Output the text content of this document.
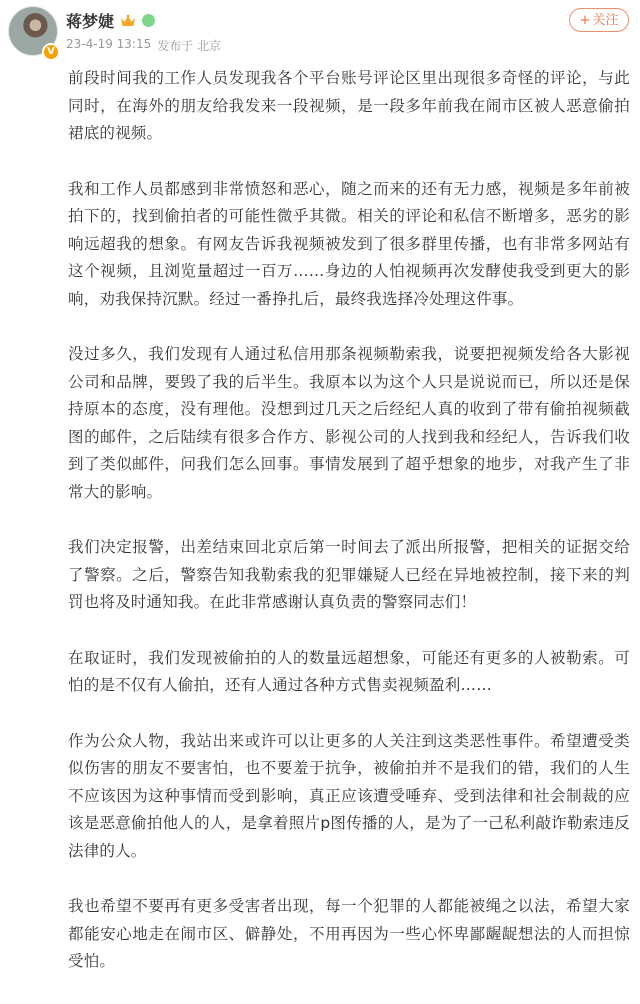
V
蒋梦婕
23-4-19 13:15 发布于 北京
+ 关注

前段时间我的工作人员发现我各个平台账号评论区里出现很多奇怪的评论，与此同时，在海外的朋友给我发来一段视频，是一段多年前我在闹市区被人恶意偷拍裙底的视频。

我和工作人员都感到非常愤怒和恶心，随之而来的还有无力感，视频是多年前被拍下的，找到偷拍者的可能性微乎其微。相关的评论和私信不断增多，恶劣的影响远超我的想象。有网友告诉我视频被发到了很多群里传播，也有非常多网站有这个视频，且浏览量超过一百万……身边的人怕视频再次发酵使我受到更大的影响，劝我保持沉默。经过一番挣扎后，最终我选择冷处理这件事。

没过多久，我们发现有人通过私信用那条视频勒索我，说要把视频发给各大影视公司和品牌，要毁了我的后半生。我原本以为这个人只是说说而已，所以还是保持原本的态度，没有理他。没想到过几天之后经纪人真的收到了带有偷拍视频截图的邮件，之后陆续有很多合作方、影视公司的人找到我和经纪人，告诉我们收到了类似邮件，问我们怎么回事。事情发展到了超乎想象的地步，对我产生了非常大的影响。

我们决定报警，出差结束回北京后第一时间去了派出所报警，把相关的证据交给了警察。之后，警察告知我勒索我的犯罪嫌疑人已经在异地被控制，接下来的判罚也将及时通知我。在此非常感谢认真负责的警察同志们！

在取证时，我们发现被偷拍的人的数量远超想象，可能还有更多的人被勒索。可怕的是不仅有人偷拍，还有人通过各种方式售卖视频盈利……

作为公众人物，我站出来或许可以让更多的人关注到这类恶性事件。希望遭受类似伤害的朋友不要害怕，也不要羞于抗争，被偷拍并不是我们的错，我们的人生不应该因为这种事情而受到影响，真正应该遭受唾弃、受到法律和社会制裁的应该是恶意偷拍他人的人，是拿着照片p图传播的人，是为了一己私利敲诈勒索违反法律的人。

我也希望不要再有更多受害者出现，每一个犯罪的人都能被绳之以法，希望大家都能安心地走在闹市区、僻静处，不用再因为一些心怀卑鄙龌龊想法的人而担惊受怕。
